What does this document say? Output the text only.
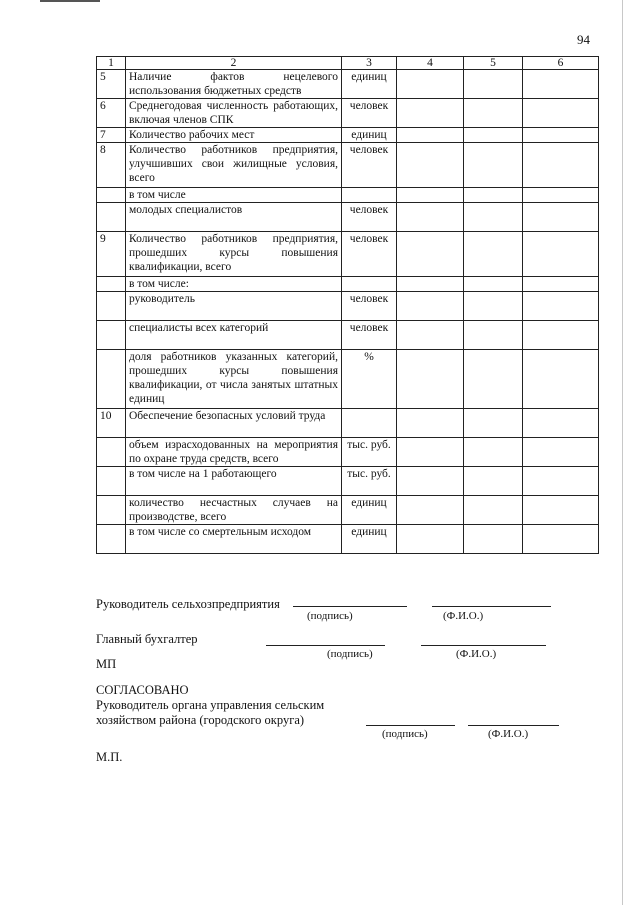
94
1	2	3	4	5	6
5	Наличие фактов нецелевого использования бюджетных средств	единиц			
6	Среднегодовая численность работающих, включая членов СПК	человек			
7	Количество рабочих мест	единиц			
8	Количество работников предприятия, улучшивших свои жилищные условия, всего	человек			
	в том числе				
	молодых специалистов	человек			
9	Количество работников предприятия, прошедших курсы повышения квалификации, всего	человек			
	в том числе:				
	руководитель	человек			
	специалисты всех категорий	человек			
	доля работников указанных категорий, прошедших курсы повышения квалификации, от числа занятых штатных единиц	%			
10	Обеспечение безопасных условий труда				
	объем израсходованных на мероприятия по охране труда средств, всего	тыс. руб.			
	в том числе на 1 работающего	тыс. руб.			
	количество несчастных случаев на производстве, всего	единиц			
	в том числе со смертельным исходом	единиц			
Руководитель сельхозпредприятия
(подпись)	(Ф.И.О.)
Главный бухгалтер
(подпись)	(Ф.И.О.)
МП
СОГЛАСОВАНО
Руководитель органа управления сельским
хозяйством района (городского округа)
(подпись)	(Ф.И.О.)
М.П.
